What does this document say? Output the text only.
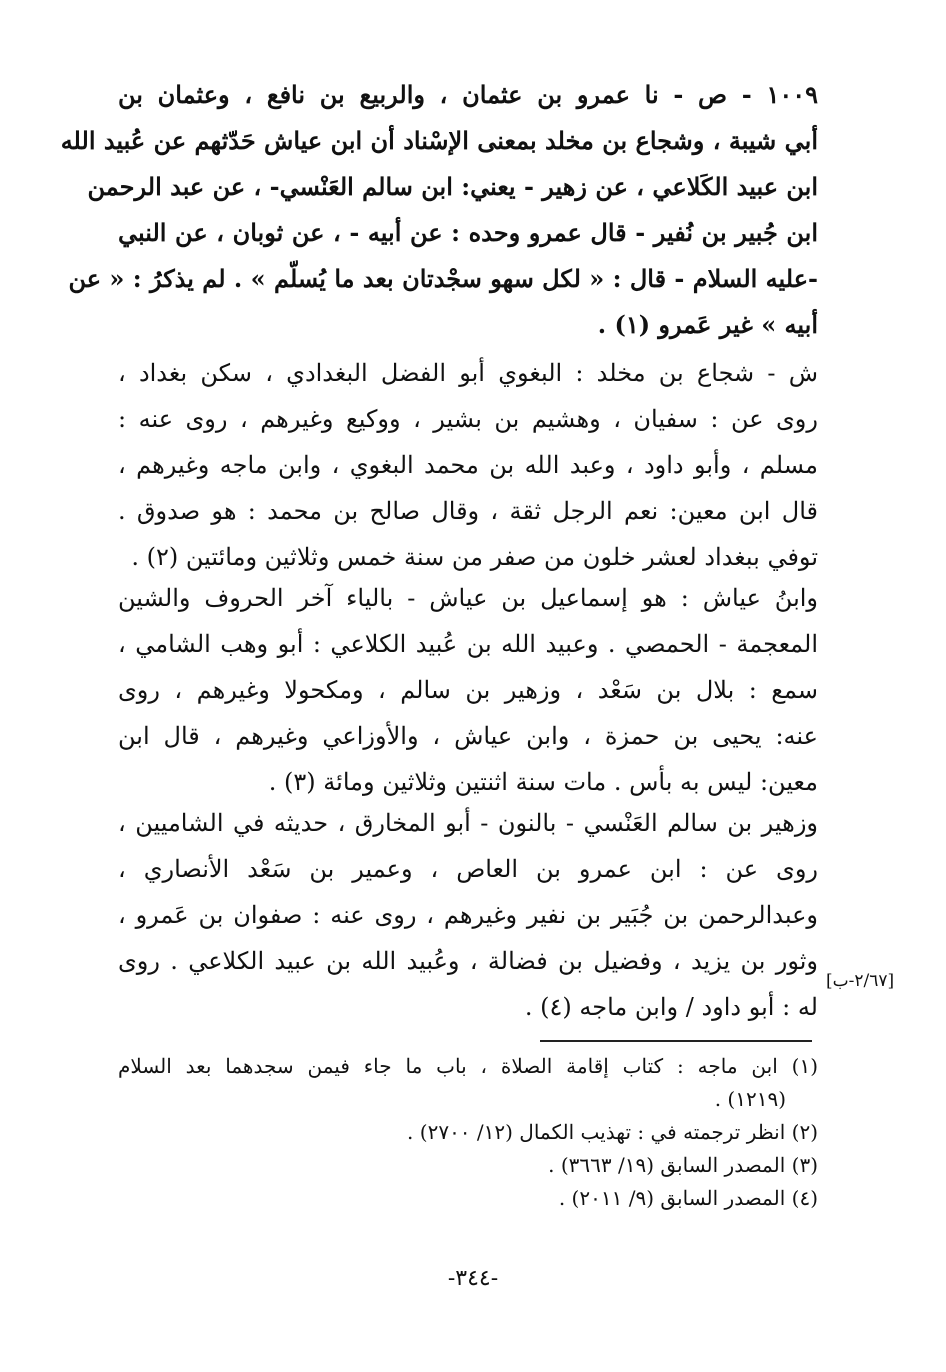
١٠٠٩ - ص - نا عمرو بن عثمان ، والربيع بن نافع ، وعثمان بن
أبي شيبة ، وشجاع بن مخلد بمعنى الإسْناد أن ابن عياش حَدّثهم عن عُبيد الله
ابن عبيد الكَلاعي ، عن زهير - يعني: ابن سالم العَنْسي- ، عن عبد الرحمن
ابن جُبير بن نُفير - قال عمرو وحده : عن أبيه - ، عن ثوبان ، عن النبي
-عليه السلام - قال : « لكل سهو سجْدتان بعد ما يُسلّم » . لم يذكرُ : « عن
أبيه » غير عَمرو (١) .
ش - شجاع بن مخلد : البغوي أبو الفضل البغدادي ، سكن بغداد ،
روى عن : سفيان ، وهشيم بن بشير ، ووكيع وغيرهم ، روى عنه :
مسلم ، وأبو داود ، وعبد الله بن محمد البغوي ، وابن ماجه وغيرهم ،
قال ابن معين: نعم الرجل ثقة ، وقال صالح بن محمد : هو صدوق .
توفي ببغداد لعشر خلون من صفر من سنة خمس وثلاثين ومائتين (٢) .
وابنُ عياش : هو إسماعيل بن عياش - بالياء آخر الحروف والشين
المعجمة - الحمصي . وعبيد الله بن عُبيد الكلاعي : أبو وهب الشامي ،
سمع : بلال بن سَعْد ، وزهير بن سالم ، ومكحولا وغيرهم ، روى
عنه: يحيى بن حمزة ، وابن عياش ، والأوزاعي وغيرهم ، قال ابن
معين: ليس به بأس . مات سنة اثنتين وثلاثين ومائة (٣) .
وزهير بن سالم العَنْسي - بالنون - أبو المخارق ، حديثه في الشاميين ،
روى عن : ابن عمرو بن العاص ، وعمير بن سَعْد الأنصاري ،
وعبدالرحمن بن جُبَير بن نفير وغيرهم ، روى عنه : صفوان بن عَمرو ،
وثور بن يزيد ، وفضيل بن فضالة ، وعُبيد الله بن عبيد الكلاعي . روى
له : أبو داود / وابن ماجه (٤) .
[٢/٦٧-ب]
(١) ابن ماجه : كتاب إقامة الصلاة ، باب ما جاء فيمن سجدهما بعد السلام
(١٢١٩) .
(٢) انظر ترجمته في : تهذيب الكمال (١٢/ ٢٧٠٠) .
(٣) المصدر السابق (١٩/ ٣٦٦٣) .
(٤) المصدر السابق (٩/ ٢٠١١) .
-٣٤٤-
